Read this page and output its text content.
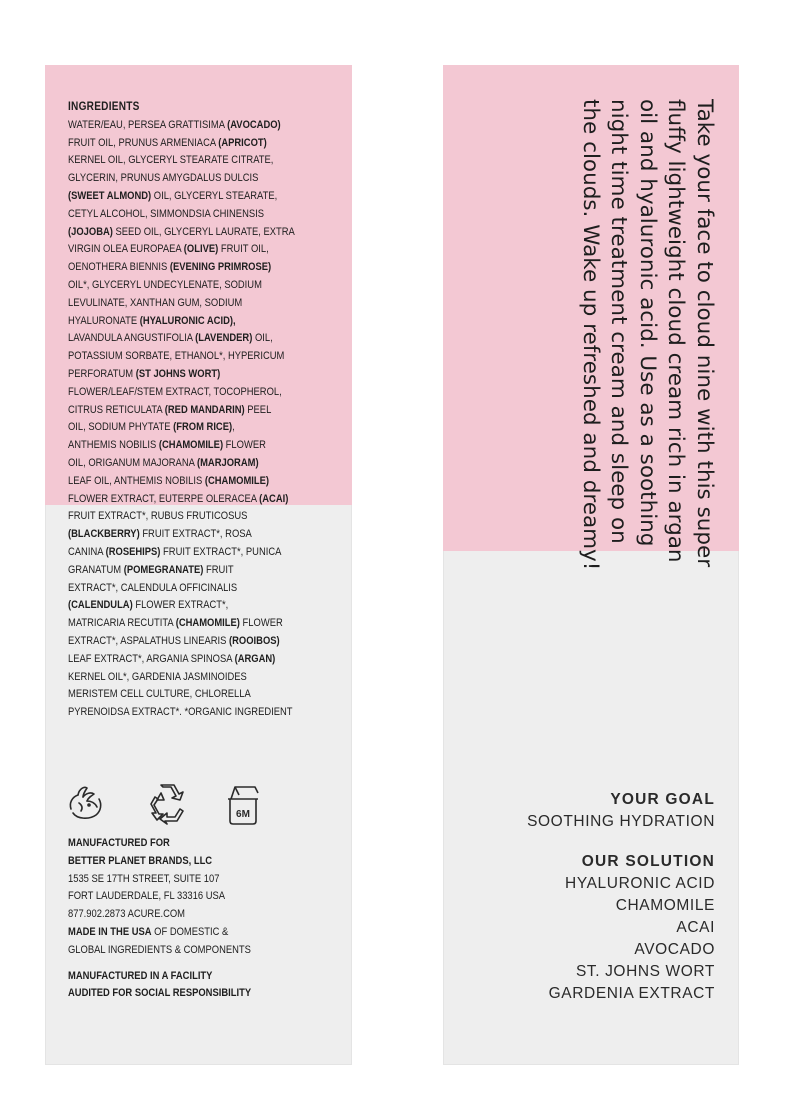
INGREDIENTS
WATER/EAU, PERSEA GRATTISIMA (AVOCADO)
FRUIT OIL, PRUNUS ARMENIACA (APRICOT)
KERNEL OIL, GLYCERYL STEARATE CITRATE,
GLYCERIN, PRUNUS AMYGDALUS DULCIS
(SWEET ALMOND) OIL, GLYCERYL STEARATE,
CETYL ALCOHOL, SIMMONDSIA CHINENSIS
(JOJOBA) SEED OIL, GLYCERYL LAURATE, EXTRA
VIRGIN OLEA EUROPAEA (OLIVE) FRUIT OIL,
OENOTHERA BIENNIS (EVENING PRIMROSE)
OIL*, GLYCERYL UNDECYLENATE, SODIUM
LEVULINATE, XANTHAN GUM, SODIUM
HYALURONATE (HYALURONIC ACID),
LAVANDULA ANGUSTIFOLIA (LAVENDER) OIL,
POTASSIUM SORBATE, ETHANOL*, HYPERICUM
PERFORATUM (ST JOHNS WORT)
FLOWER/LEAF/STEM EXTRACT, TOCOPHEROL,
CITRUS RETICULATA (RED MANDARIN) PEEL
OIL, SODIUM PHYTATE (FROM RICE),
ANTHEMIS NOBILIS (CHAMOMILE) FLOWER
OIL, ORIGANUM MAJORANA (MARJORAM)
LEAF OIL, ANTHEMIS NOBILIS (CHAMOMILE)
FLOWER EXTRACT, EUTERPE OLERACEA (ACAI)
FRUIT EXTRACT*, RUBUS FRUTICOSUS
(BLACKBERRY) FRUIT EXTRACT*, ROSA
CANINA (ROSEHIPS) FRUIT EXTRACT*, PUNICA
GRANATUM (POMEGRANATE) FRUIT
EXTRACT*, CALENDULA OFFICINALIS
(CALENDULA) FLOWER EXTRACT*,
MATRICARIA RECUTITA (CHAMOMILE) FLOWER
EXTRACT*, ASPALATHUS LINEARIS (ROOIBOS)
LEAF EXTRACT*, ARGANIA SPINOSA (ARGAN)
KERNEL OIL*, GARDENIA JASMINOIDES
MERISTEM CELL CULTURE, CHLORELLA
PYRENOIDSA EXTRACT*. *ORGANIC INGREDIENT
6M
MANUFACTURED FOR
BETTER PLANET BRANDS, LLC
1535 SE 17TH STREET, SUITE 107
FORT LAUDERDALE, FL 33316 USA
877.902.2873 ACURE.COM
MADE IN THE USA OF DOMESTIC &
GLOBAL INGREDIENTS & COMPONENTS
MANUFACTURED IN A FACILITY
AUDITED FOR SOCIAL RESPONSIBILITY
Take your face to cloud nine with this super
fluffy lightweight cloud cream rich in argan
oil and hyaluronic acid. Use as a soothing
night time treatment cream and sleep on
the clouds. Wake up refreshed and dreamy!
YOUR GOAL
SOOTHING HYDRATION
OUR SOLUTION
HYALURONIC ACID
CHAMOMILE
ACAI
AVOCADO
ST. JOHNS WORT
GARDENIA EXTRACT
